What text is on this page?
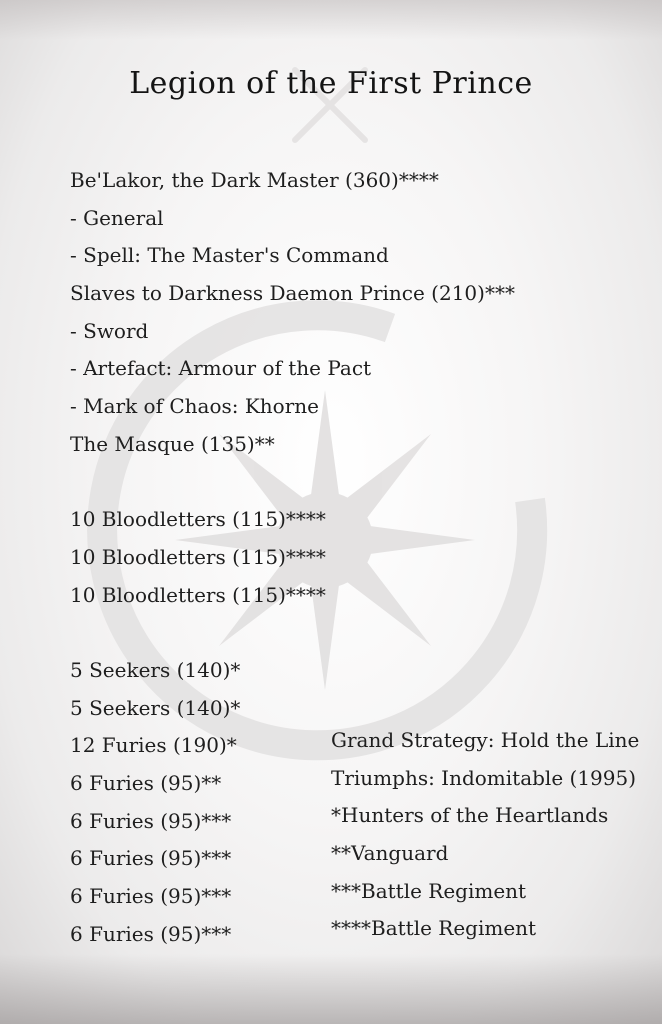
Legion of the First Prince
Be'Lakor, the Dark Master (360)****
- General
- Spell: The Master's Command
Slaves to Darkness Daemon Prince (210)***
- Sword
- Artefact: Armour of the Pact
- Mark of Chaos: Khorne
The Masque (135)**
10 Bloodletters (115)****
10 Bloodletters (115)****
10 Bloodletters (115)****
5 Seekers (140)*
5 Seekers (140)*
12 Furies (190)*
6 Furies (95)**
6 Furies (95)***
6 Furies (95)***
6 Furies (95)***
6 Furies (95)***
Grand Strategy: Hold the Line
Triumphs: Indomitable (1995)
*Hunters of the Heartlands
**Vanguard
***Battle Regiment
****Battle Regiment
